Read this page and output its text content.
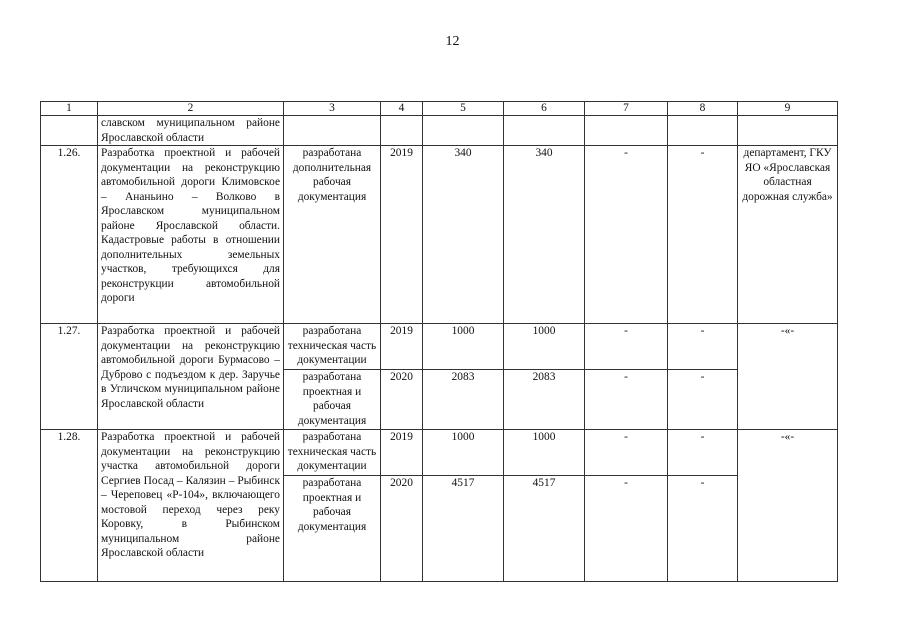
12
1	2	3	4	5	6	7	8	9
	славском муниципальном районе Ярославской области							
1.26.	Разработка проектной и рабочей документации на реконструкцию автомобильной дороги Климовское – Ананьино – Волково в Ярославском муниципальном районе Ярославской области. Кадастровые работы в отношении дополнительных земельных участков, требующихся для реконструкции автомобильной дороги	разработана дополнительная рабочая документация	2019	340	340	-	-	департамент, ГКУ ЯО «Ярославская областная дорожная служба»
1.27.	Разработка проектной и рабочей документации на реконструкцию автомобильной дороги Бурмасово – Дуброво с подъездом к дер. Заручье в Угличском муниципальном районе Ярославской области	разработана техническая часть документации	2019	1000	1000	-	-	-«-
		разработана проектная и рабочая документация	2020	2083	2083	-	-	
1.28.	Разработка проектной и рабочей документации на реконструкцию участка автомобильной дороги Сергиев Посад – Калязин – Рыбинск – Череповец «Р-104», включающего мостовой переход через реку Коровку, в Рыбинском муниципальном районе Ярославской области	разработана техническая часть документации	2019	1000	1000	-	-	-«-
		разработана проектная и рабочая документация	2020	4517	4517	-	-	
